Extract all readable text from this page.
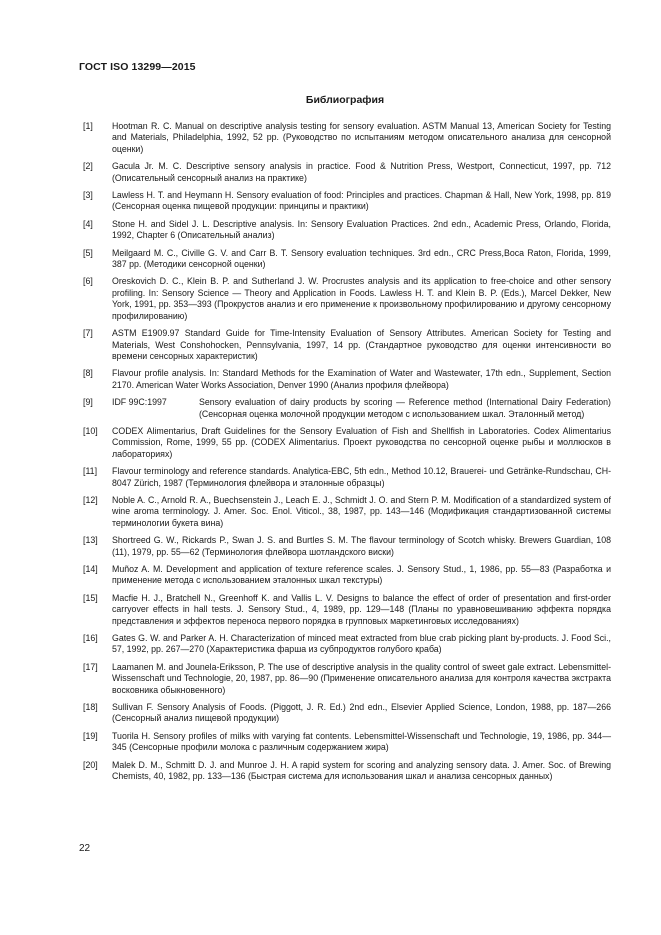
ГОСТ ISO 13299—2015
Библиография
[1] Hootman R. C. Manual on descriptive analysis testing for sensory evaluation. ASTM Manual 13, American Society for Testing and Materials, Philadelphia, 1992, 52 pp. (Руководство по испытаниям методом описательного анализа для сенсорной оценки)
[2] Gacula Jr. M. C. Descriptive sensory analysis in practice. Food & Nutrition Press, Westport, Connecticut, 1997, pp. 712 (Описательный сенсорный анализ на практике)
[3] Lawless H. T. and Heymann H. Sensory evaluation of food: Principles and practices. Chapman & Hall, New York, 1998, pp. 819 (Сенсорная оценка пищевой продукции: принципы и практики)
[4] Stone H. and Sidel J. L. Descriptive analysis. In: Sensory Evaluation Practices. 2nd edn., Academic Press, Orlando, Florida, 1992, Chapter 6 (Описательный анализ)
[5] Meilgaard M. C., Civille G. V. and Carr B. T. Sensory evaluation techniques. 3rd edn., CRC Press,Boca Raton, Florida, 1999, 387 pp. (Методики сенсорной оценки)
[6] Oreskovich D. C., Klein B. P. and Sutherland J. W. Procrustes analysis and its application to free-choice and other sensory profiling. In: Sensory Science — Theory and Application in Foods. Lawless H. T. and Klein B. P. (Eds.), Marcel Dekker, New York, 1991, pp. 353—393 (Прокрустов анализ и его применение к произвольному профилированию и другому сенсорному профилированию)
[7] ASTM E1909.97 Standard Guide for Time-Intensity Evaluation of Sensory Attributes. American Society for Testing and Materials, West Conshohocken, Pennsylvania, 1997, 14 pp. (Стандартное руководство для оценки интенсивности во времени сенсорных характеристик)
[8] Flavour profile analysis. In: Standard Methods for the Examination of Water and Wastewater, 17th edn., Supplement, Section 2170. American Water Works Association, Denver 1990 (Анализ профиля флейвора)
[9] IDF 99C:1997	Sensory evaluation of dairy products by scoring — Reference method (International Dairy Federation) (Сенсорная оценка молочной продукции методом с использованием шкал. Эталонный метод)
[10] CODEX Alimentarius, Draft Guidelines for the Sensory Evaluation of Fish and Shellfish in Laboratories. Codex Alimentarius Commission, Rome, 1999, 55 pp. (CODEX Alimentarius. Проект руководства по сенсорной оценке рыбы и моллюсков в лабораториях)
[11] Flavour terminology and reference standards. Analytica-EBC, 5th edn., Method 10.12, Brauerei- und Getränke-Rundschau, CH-8047 Zürich, 1987 (Терминология флейвора и эталонные образцы)
[12] Noble A. C., Arnold R. A., Buechsenstein J., Leach E. J., Schmidt J. O. and Stern P. M. Modification of a standardized system of wine aroma terminology. J. Amer. Soc. Enol. Viticol., 38, 1987, pp. 143—146 (Модификация стандартизованной системы терминологии букета вина)
[13] Shortreed G. W., Rickards P., Swan J. S. and Burtles S. M. The flavour terminology of Scotch whisky. Brewers Guardian, 108 (11), 1979, pp. 55—62 (Терминология флейвора шотландского виски)
[14] Muñoz A. M. Development and application of texture reference scales. J. Sensory Stud., 1, 1986, pp. 55—83 (Разработка и применение метода с использованием эталонных шкал текстуры)
[15] Macfie H. J., Bratchell N., Greenhoff K. and Vallis L. V. Designs to balance the effect of order of presentation and first-order carryover effects in hall tests. J. Sensory Stud., 4, 1989, pp. 129—148 (Планы по уравновешиванию эффекта порядка представления и эффектов переноса первого порядка в групповых маркетинговых исследованиях)
[16] Gates G. W. and Parker A. H. Characterization of minced meat extracted from blue crab picking plant by-products. J. Food Sci., 57, 1992, pp. 267—270 (Характеристика фарша из субпродуктов голубого краба)
[17] Laamanen M. and Jounela-Eriksson, P. The use of descriptive analysis in the quality control of sweet gale extract. Lebensmittel-Wissenschaft und Technologie, 20, 1987, pp. 86—90 (Применение описательного анализа для контроля качества экстракта восковника обыкновенного)
[18] Sullivan F. Sensory Analysis of Foods. (Piggott, J. R. Ed.) 2nd edn., Elsevier Applied Science, London, 1988, pp. 187—266 (Сенсорный анализ пищевой продукции)
[19] Tuorila H. Sensory profiles of milks with varying fat contents. Lebensmittel-Wissenschaft und Technologie, 19, 1986, pp. 344—345 (Сенсорные профили молока с различным содержанием жира)
[20] Malek D. M., Schmitt D. J. and Munroe J. H. A rapid system for scoring and analyzing sensory data. J. Amer. Soc. of Brewing Chemists, 40, 1982, pp. 133—136 (Быстрая система для использования шкал и анализа сенсорных данных)
22
